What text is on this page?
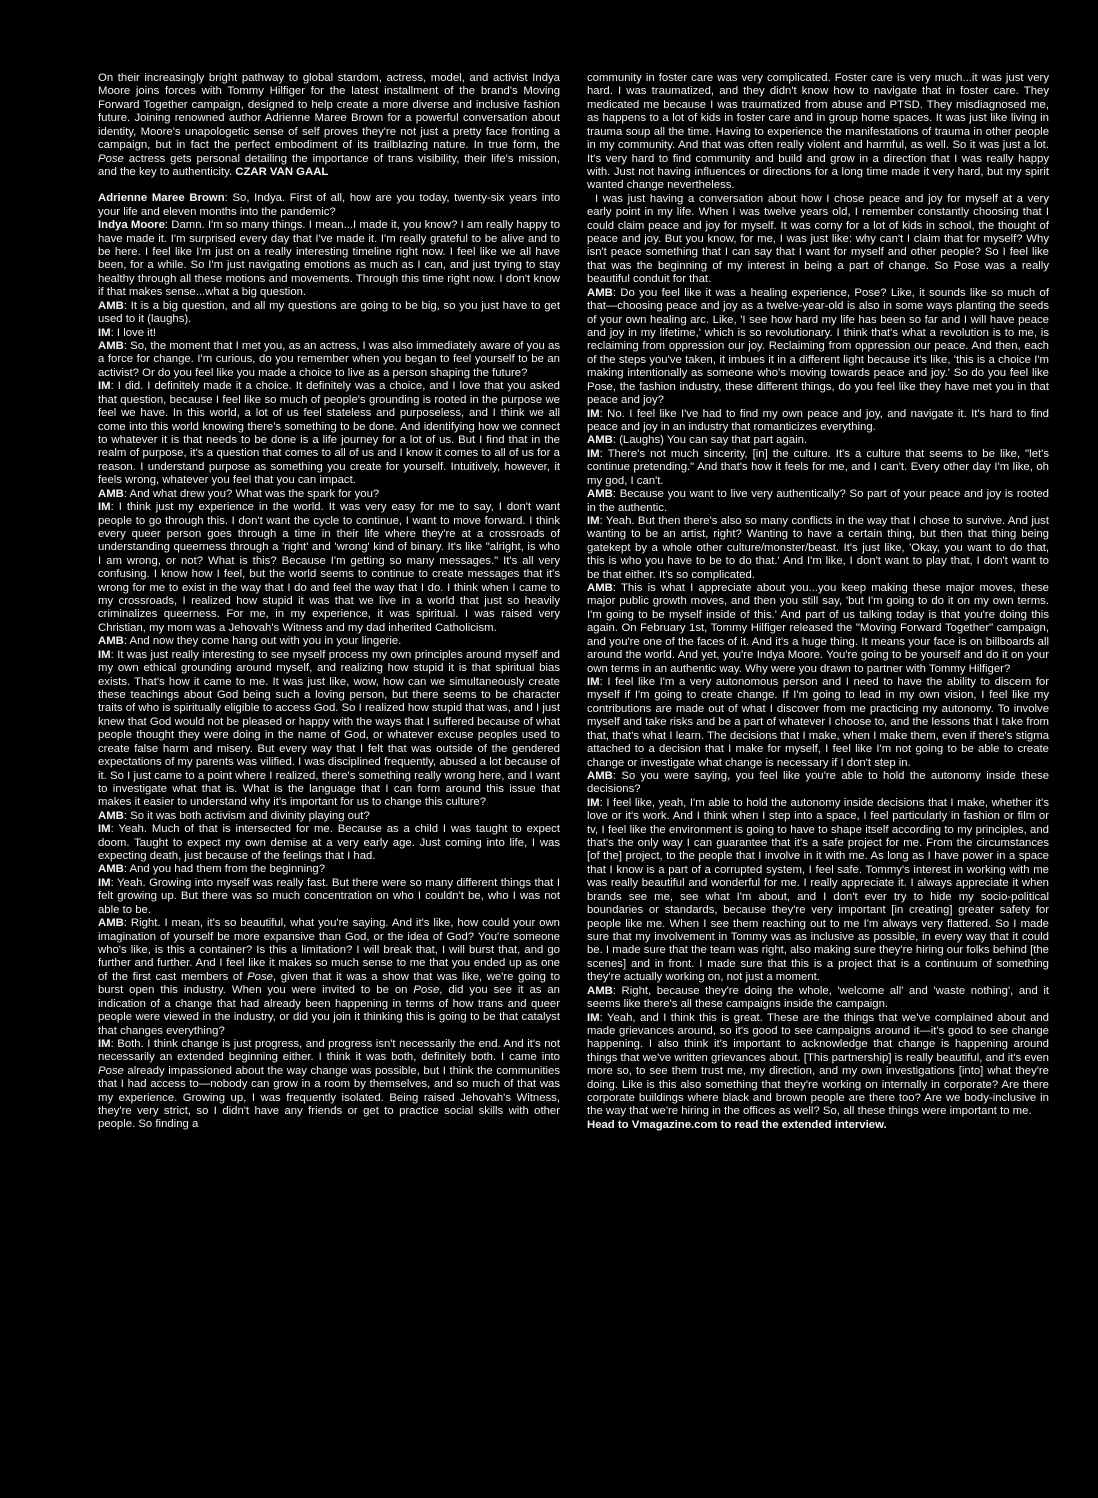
On their increasingly bright pathway to global stardom, actress, model, and activist Indya Moore joins forces with Tommy Hilfiger for the latest installment of the brand's Moving Forward Together campaign, designed to help create a more diverse and inclusive fashion future. Joining renowned author Adrienne Maree Brown for a powerful conversation about identity, Moore's unapologetic sense of self proves they're not just a pretty face fronting a campaign, but in fact the perfect embodiment of its trailblazing nature. In true form, the Pose actress gets personal detailing the importance of trans visibility, their life's mission, and the key to authenticity. CZAR VAN GAAL

Adrienne Maree Brown: So, Indya. First of all, how are you today, twenty-six years into your life and eleven months into the pandemic?

Indya Moore: Damn. I'm so many things. I mean...I made it, you know? I am really happy to have made it. I'm surprised every day that I've made it. I'm really grateful to be alive and to be here. I feel like I'm just on a really interesting timeline right now. I feel like we all have been, for a while. So I'm just navigating emotions as much as I can, and just trying to stay healthy through all these motions and movements. Through this time right now. I don't know if that makes sense...what a big question.

AMB: It is a big question, and all my questions are going to be big, so you just have to get used to it (laughs).

IM: I love it!

AMB: So, the moment that I met you, as an actress, I was also immediately aware of you as a force for change. I'm curious, do you remember when you began to feel yourself to be an activist? Or do you feel like you made a choice to live as a person shaping the future?

IM: I did. I definitely made it a choice. It definitely was a choice, and I love that you asked that question, because I feel like so much of people's grounding is rooted in the purpose we feel we have. In this world, a lot of us feel stateless and purposeless, and I think we all come into this world knowing there's something to be done. And identifying how we connect to whatever it is that needs to be done is a life journey for a lot of us. But I find that in the realm of purpose, it's a question that comes to all of us and I know it comes to all of us for a reason. I understand purpose as something you create for yourself. Intuitively, however, it feels wrong, whatever you feel that you can impact.

AMB: And what drew you? What was the spark for you?

IM: I think just my experience in the world. It was very easy for me to say, I don't want people to go through this. I don't want the cycle to continue, I want to move forward. I think every queer person goes through a time in their life where they're at a crossroads of understanding queerness through a 'right' and 'wrong' kind of binary. It's like "alright, is who I am wrong, or not? What is this? Because I'm getting so many messages." It's all very confusing. I know how I feel, but the world seems to continue to create messages that it's wrong for me to exist in the way that I do and feel the way that I do. I think when I came to my crossroads, I realized how stupid it was that we live in a world that just so heavily criminalizes queerness. For me, in my experience, it was spiritual. I was raised very Christian, my mom was a Jehovah's Witness and my dad inherited Catholicism.

AMB: And now they come hang out with you in your lingerie.

IM: It was just really interesting to see myself process my own principles around myself and my own ethical grounding around myself, and realizing how stupid it is that spiritual bias exists. That's how it came to me. It was just like, wow, how can we simultaneously create these teachings about God being such a loving person, but there seems to be character traits of who is spiritually eligible to access God. So I realized how stupid that was, and I just knew that God would not be pleased or happy with the ways that I suffered because of what people thought they were doing in the name of God, or whatever excuse peoples used to create false harm and misery. But every way that I felt that was outside of the gendered expectations of my parents was vilified. I was disciplined frequently, abused a lot because of it. So I just came to a point where I realized, there's something really wrong here, and I want to investigate what that is. What is the language that I can form around this issue that makes it easier to understand why it's important for us to change this culture?

AMB: So it was both activism and divinity playing out?

IM: Yeah. Much of that is intersected for me. Because as a child I was taught to expect doom. Taught to expect my own demise at a very early age. Just coming into life, I was expecting death, just because of the feelings that I had.

AMB: And you had them from the beginning?

IM: Yeah. Growing into myself was really fast. But there were so many different things that I felt growing up. But there was so much concentration on who I couldn't be, who I was not able to be.

AMB: Right. I mean, it's so beautiful, what you're saying. And it's like, how could your own imagination of yourself be more expansive than God, or the idea of God? You're someone who's like, is this a container? Is this a limitation? I will break that, I will burst that, and go further and further. And I feel like it makes so much sense to me that you ended up as one of the first cast members of Pose, given that it was a show that was like, we're going to burst open this industry. When you were invited to be on Pose, did you see it as an indication of a change that had already been happening in terms of how trans and queer people were viewed in the industry, or did you join it thinking this is going to be that catalyst that changes everything?

IM: Both. I think change is just progress, and progress isn't necessarily the end. And it's not necessarily an extended beginning either. I think it was both, definitely both. I came into Pose already impassioned about the way change was possible, but I think the communities that I had access to—nobody can grow in a room by themselves, and so much of that was my experience. Growing up, I was frequently isolated. Being raised Jehovah's Witness, they're very strict, so I didn't have any friends or get to practice social skills with other people. So finding a

community in foster care was very complicated. Foster care is very much...it was just very hard. I was traumatized, and they didn't know how to navigate that in foster care. They medicated me because I was traumatized from abuse and PTSD. They misdiagnosed me, as happens to a lot of kids in foster care and in group home spaces. It was just like living in trauma soup all the time. Having to experience the manifestations of trauma in other people in my community. And that was often really violent and harmful, as well. So it was just a lot. It's very hard to find community and build and grow in a direction that I was really happy with. Just not having influences or directions for a long time made it very hard, but my spirit wanted change nevertheless.

I was just having a conversation about how I chose peace and joy for myself at a very early point in my life. When I was twelve years old, I remember constantly choosing that I could claim peace and joy for myself. It was corny for a lot of kids in school, the thought of peace and joy. But you know, for me, I was just like: why can't I claim that for myself? Why isn't peace something that I can say that I want for myself and other people? So I feel like that was the beginning of my interest in being a part of change. So Pose was a really beautiful conduit for that.

AMB: Do you feel like it was a healing experience, Pose? Like, it sounds like so much of that—choosing peace and joy as a twelve-year-old is also in some ways planting the seeds of your own healing arc. Like, 'I see how hard my life has been so far and I will have peace and joy in my lifetime,' which is so revolutionary. I think that's what a revolution is to me, is reclaiming from oppression our joy. Reclaiming from oppression our peace. And then, each of the steps you've taken, it imbues it in a different light because it's like, 'this is a choice I'm making intentionally as someone who's moving towards peace and joy.' So do you feel like Pose, the fashion industry, these different things, do you feel like they have met you in that peace and joy?

IM: No. I feel like I've had to find my own peace and joy, and navigate it. It's hard to find peace and joy in an industry that romanticizes everything.

AMB: (Laughs) You can say that part again.

IM: There's not much sincerity, [in] the culture. It's a culture that seems to be like, "let's continue pretending." And that's how it feels for me, and I can't. Every other day I'm like, oh my god, I can't.

AMB: Because you want to live very authentically? So part of your peace and joy is rooted in the authentic.

IM: Yeah. But then there's also so many conflicts in the way that I chose to survive. And just wanting to be an artist, right? Wanting to have a certain thing, but then that thing being gatekept by a whole other culture/monster/beast. It's just like, 'Okay, you want to do that, this is who you have to be to do that.' And I'm like, I don't want to play that, I don't want to be that either. It's so complicated.

AMB: This is what I appreciate about you...you keep making these major moves, these major public growth moves, and then you still say, 'but I'm going to do it on my own terms. I'm going to be myself inside of this.' And part of us talking today is that you're doing this again. On February 1st, Tommy Hilfiger released the "Moving Forward Together" campaign, and you're one of the faces of it. And it's a huge thing. It means your face is on billboards all around the world. And yet, you're Indya Moore. You're going to be yourself and do it on your own terms in an authentic way. Why were you drawn to partner with Tommy Hilfiger?

IM: I feel like I'm a very autonomous person and I need to have the ability to discern for myself if I'm going to create change. If I'm going to lead in my own vision, I feel like my contributions are made out of what I discover from me practicing my autonomy. To involve myself and take risks and be a part of whatever I choose to, and the lessons that I take from that, that's what I learn. The decisions that I make, when I make them, even if there's stigma attached to a decision that I make for myself, I feel like I'm not going to be able to create change or investigate what change is necessary if I don't step in.

AMB: So you were saying, you feel like you're able to hold the autonomy inside these decisions?

IM: I feel like, yeah, I'm able to hold the autonomy inside decisions that I make, whether it's love or it's work. And I think when I step into a space, I feel particularly in fashion or film or tv, I feel like the environment is going to have to shape itself according to my principles, and that's the only way I can guarantee that it's a safe project for me. From the circumstances [of the] project, to the people that I involve in it with me. As long as I have power in a space that I know is a part of a corrupted system, I feel safe. Tommy's interest in working with me was really beautiful and wonderful for me. I really appreciate it. I always appreciate it when brands see me, see what I'm about, and I don't ever try to hide my socio-political boundaries or standards, because they're very important [in creating] greater safety for people like me. When I see them reaching out to me I'm always very flattered. So I made sure that my involvement in Tommy was as inclusive as possible, in every way that it could be. I made sure that the team was right, also making sure they're hiring our folks behind [the scenes] and in front. I made sure that this is a project that is a continuum of something they're actually working on, not just a moment.

AMB: Right, because they're doing the whole, 'welcome all' and 'waste nothing', and it seems like there's all these campaigns inside the campaign.

IM: Yeah, and I think this is great. These are the things that we've complained about and made grievances around, so it's good to see campaigns around it—it's good to see change happening. I also think it's important to acknowledge that change is happening around things that we've written grievances about. [This partnership] is really beautiful, and it's even more so, to see them trust me, my direction, and my own investigations [into] what they're doing. Like is this also something that they're working on internally in corporate? Are there corporate buildings where black and brown people are there too? Are we body-inclusive in the way that we're hiring in the offices as well? So, all these things were important to me.

Head to Vmagazine.com to read the extended interview.
